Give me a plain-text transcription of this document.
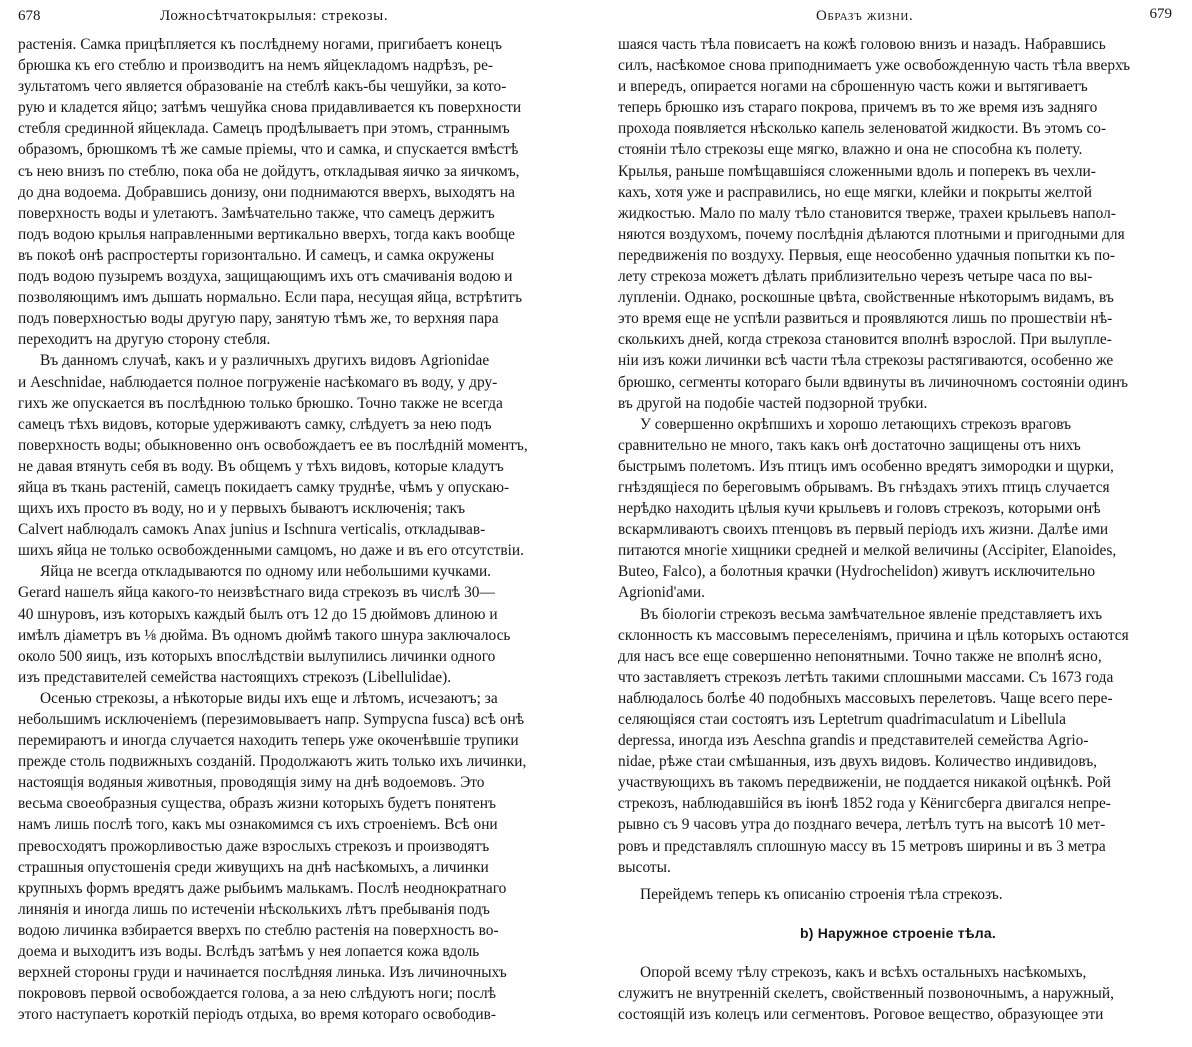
678	Ложносѣтчатокрылыя: стрекозы.
растенія. Самка прицѣпляется къ послѣднему ногами, пригибаетъ конецъ
брюшка къ его стеблю и производитъ на немъ яйцекладомъ надрѣзъ, ре-
зультатомъ чего является образованіе на стеблѣ какъ-бы чешуйки, за кото-
рую и кладется яйцо; затѣмъ чешуйка снова придавливается къ поверхности
стебля срединной яйцекладa. Самецъ продѣлываетъ при этомъ, страннымъ
образомъ, брюшкомъ тѣ же самые пріемы, что и самка, и спускается вмѣстѣ
съ нею внизъ по стеблю, пока оба не дойдутъ, откладывая яичко за яичкомъ,
до дна водоема. Добравшись донизу, они поднимаются вверхъ, выходятъ на
поверхность воды и улетаютъ. Замѣчательно также, что самецъ держитъ
подъ водою крылья направленными вертикально вверхъ, тогда какъ вообще
въ покоѣ онѣ распростерты горизонтально. И самецъ, и самка окружены
подъ водою пузыремъ воздуха, защищающимъ ихъ отъ смачиванія водою и
позволяющимъ имъ дышать нормально. Если пара, несущая яйца, встрѣтитъ
подъ поверхностью воды другую пару, занятую тѣмъ же, то верхняя пара
переходитъ на другую сторону стебля.
Въ данномъ случаѣ, какъ и у различныхъ другихъ видовъ Agrionidae
и Aeschnidae, наблюдается полное погруженіе насѣкомаго въ воду, у дру-
гихъ же опускается въ послѣднюю только брюшко. Точно также не всегда
самецъ тѣхъ видовъ, которые удерживаютъ самку, слѣдуетъ за нею подъ
поверхность воды; обыкновенно онъ освобождаетъ ее въ послѣдній моментъ,
не давая втянуть себя въ воду. Въ общемъ у тѣхъ видовъ, которые кладутъ
яйца въ ткань растеній, самецъ покидаетъ самку труднѣе, чѣмъ у опускаю-
щихъ ихъ просто въ воду, но и у первыхъ бываютъ исключенія; такъ
Calvert наблюдалъ самокъ Anax junius и Ischnura verticalis, откладывав-
шихъ яйца не только освобожденными самцомъ, но даже и въ его отсутствіи.
Яйца не всегда откладываются по одному или небольшими кучками.
Gerard нашелъ яйца какого-то неизвѣстнаго вида стрекозъ въ числѣ 30—
40 шнуровъ, изъ которыхъ каждый былъ отъ 12 до 15 дюймовъ длиною и
имѣлъ діаметръ въ ⅛ дюйма. Въ одномъ дюймѣ такого шнура заключалось
около 500 яицъ, изъ которыхъ впослѣдствіи вылупились личинки одного
изъ представителей семейства настоящихъ стрекозъ (Libellulidae).
Осенью стрекозы, а нѣкоторые виды ихъ еще и лѣтомъ, исчезаютъ; за
небольшимъ исключеніемъ (перезимовываетъ напр. Sympycna fusca) всѣ онѣ
перемираютъ и иногда случается находить теперь уже окоченѣвшіе трупики
прежде столь подвижныхъ созданій. Продолжаютъ жить только ихъ личинки,
настоящія водяныя животныя, проводящія зиму на днѣ водоемовъ. Это
весьма своеобразныя существа, образъ жизни которыхъ будетъ понятенъ
намъ лишь послѣ того, какъ мы ознакомимся съ ихъ строеніемъ. Всѣ они
превосходятъ прожорливостью даже взрослыхъ стрекозъ и производятъ
страшныя опустошенія среди живущихъ на днѣ насѣкомыхъ, а личинки
крупныхъ формъ вредятъ даже рыбьимъ малькамъ. Послѣ неоднократнаго
линянія и иногда лишь по истеченіи нѣсколькихъ лѣтъ пребыванія подъ
водою личинка взбирается вверхъ по стеблю растенія на поверхность во-
доема и выходитъ изъ воды. Вслѣдъ затѣмъ у нея лопается кожа вдоль
верхней стороны груди и начинается послѣдняя линька. Изъ личиночныхъ
покрововъ первой освобождается голова, а за нею слѣдуютъ ноги; послѣ
этого наступаетъ короткій періодъ отдыха, во время котораго освободив-
Образъ жизни.	679
шаяся часть тѣла повисаетъ на кожѣ головою внизъ и назадъ. Набравшись
силъ, насѣкомое снова приподнимаетъ уже освобожденную часть тѣла вверхъ
и впередъ, опирается ногами на сброшенную часть кожи и вытягиваетъ
теперь брюшко изъ стараго покрова, причемъ въ то же время изъ задняго
прохода появляется нѣсколько капель зеленоватой жидкости. Въ этомъ со-
стояніи тѣло стрекозы еще мягко, влажно и она не способна къ полету.
Крылья, раньше помѣщавшіяся сложенными вдоль и поперекъ въ чехли-
кахъ, хотя уже и расправились, но еще мягки, клейки и покрыты желтой
жидкостью. Мало по малу тѣло становится тверже, трахеи крыльевъ напол-
няются воздухомъ, почему послѣднія дѣлаются плотными и пригодными для
передвиженія по воздуху. Первыя, еще неособенно удачныя попытки къ по-
лету стрекоза можетъ дѣлать приблизительно черезъ четыре часа по вы-
лупленіи. Однако, роскошные цвѣта, свойственные нѣкоторымъ видамъ, въ
это время еще не успѣли развиться и проявляются лишь по прошествіи нѣ-
сколькихъ дней, когда стрекоза становится вполнѣ взрослой. При вылупле-
ніи изъ кожи личинки всѣ части тѣла стрекозы растягиваются, особенно же
брюшко, сегменты котораго были вдвинуты въ личиночномъ состояніи одинъ
въ другой на подобіе частей подзорной трубки.
У совершенно окрѣпшихъ и хорошо летающихъ стрекозъ враговъ
сравнительно не много, такъ какъ онѣ достаточно защищены отъ нихъ
быстрымъ полетомъ. Изъ птицъ имъ особенно вредятъ зимородки и щурки,
гнѣздящіеся по береговымъ обрывамъ. Въ гнѣздахъ этихъ птицъ случается
нерѣдко находить цѣлыя кучи крыльевъ и головъ стрекозъ, которыми онѣ
вскармливаютъ своихъ птенцовъ въ первый періодъ ихъ жизни. Далѣе ими
питаются многіе хищники средней и мелкой величины (Accipiter, Elanoides,
Buteo, Falco), а болотныя крачки (Hydrochelidon) живутъ исключительно
Agrionid'ами.
Въ біологіи стрекозъ весьма замѣчательное явленіе представляетъ ихъ
склонность къ массовымъ переселеніямъ, причина и цѣль которыхъ остаются
для насъ все еще совершенно непонятными. Точно также не вполнѣ ясно,
что заставляетъ стрекозъ летѣть такими сплошными массами. Съ 1673 года
наблюдалось болѣе 40 подобныхъ массовыхъ перелетовъ. Чаще всего пере-
селяющіяся стаи состоятъ изъ Leptetrum quadrimaculatum и Libellula
depressa, иногда изъ Aeschna grandis и представителей семейства Agrio-
nidae, рѣже стаи смѣшанныя, изъ двухъ видовъ. Количество индивидовъ,
участвующихъ въ такомъ передвиженіи, не поддается никакой оцѣнкѣ. Рой
стрекозъ, наблюдавшійся въ іюнѣ 1852 года у Кёнигсберга двигался непре-
рывно съ 9 часовъ утра до позднаго вечера, летѣлъ тутъ на высотѣ 10 мет-
ровъ и представлялъ сплошную массу въ 15 метровъ ширины и въ 3 метра
высоты.
Перейдемъ теперь къ описанію строенія тѣла стрекозъ.
b) Наружное строеніе тѣла.
Опорой всему тѣлу стрекозъ, какъ и всѣхъ остальныхъ насѣкомыхъ,
служитъ не внутренній скелетъ, свойственный позвоночнымъ, а наружный,
состоящій изъ колецъ или сегментовъ. Роговое вещество, образующее эти
